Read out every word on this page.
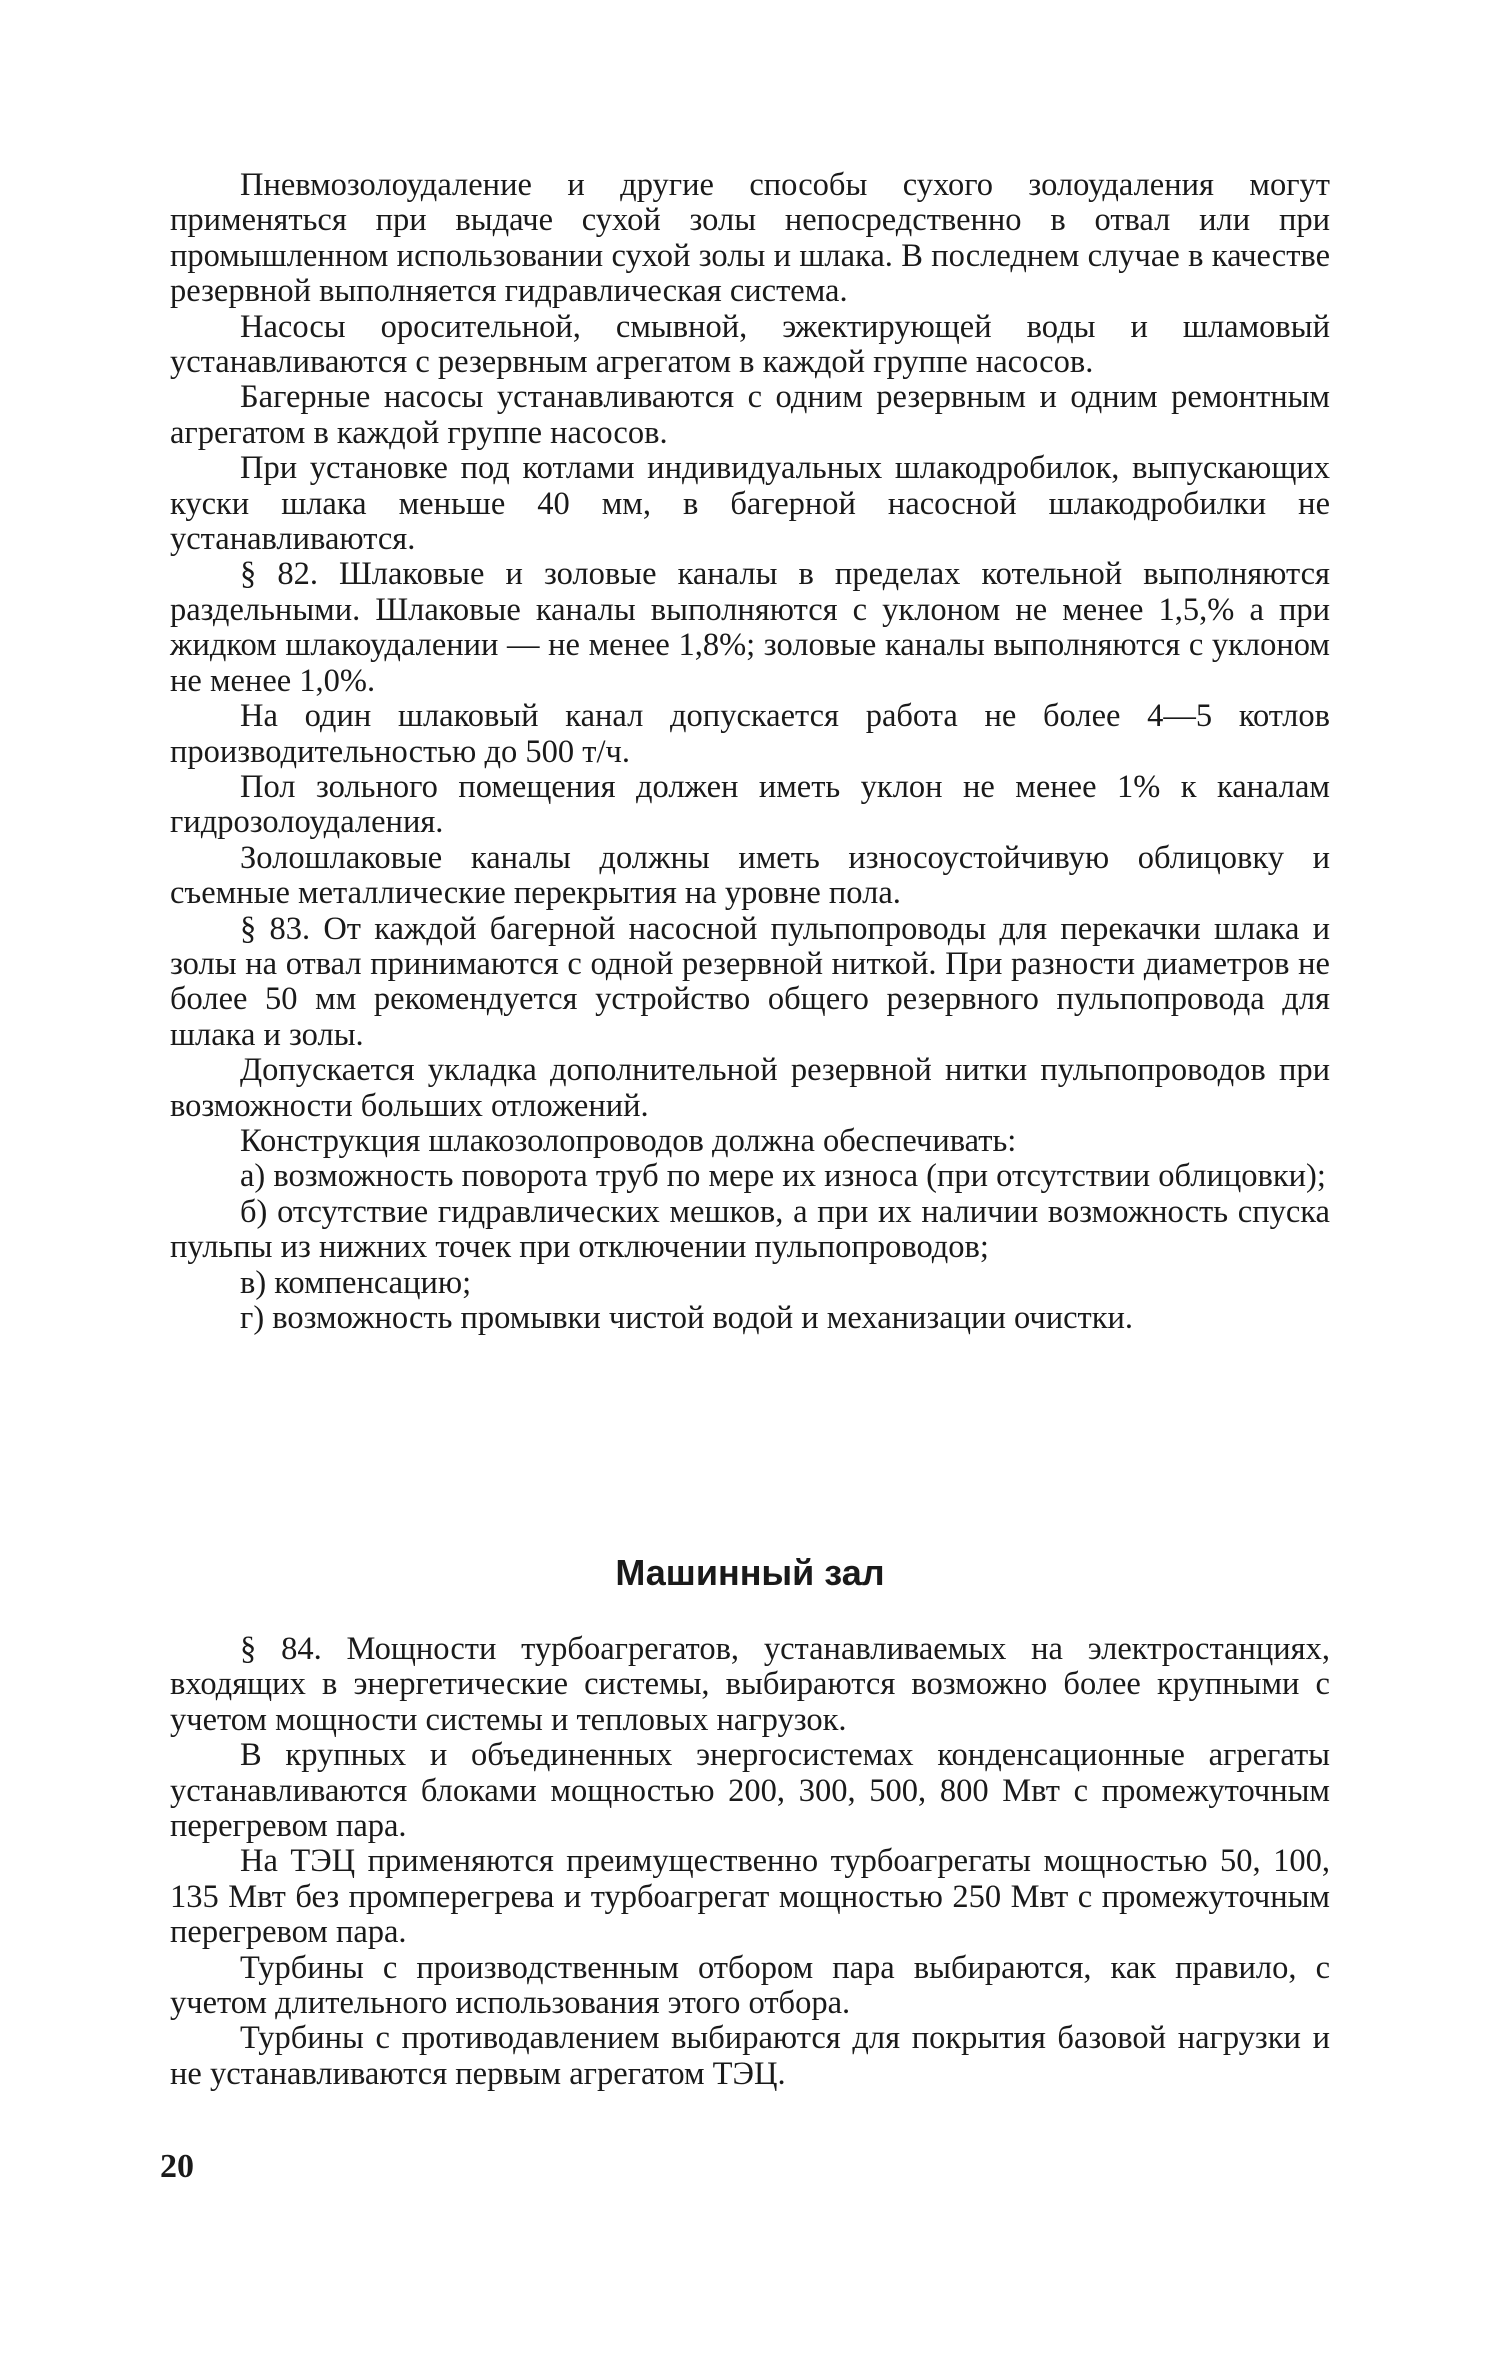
Пневмозолоудаление и другие способы сухого золоудаления могут применяться при выдаче сухой золы непосредственно в отвал или при промышленном использовании сухой золы и шлака. В последнем случае в качестве резервной выполняется гидравлическая система.

Насосы оросительной, смывной, эжектирующей воды и шламовый устанавливаются с резервным агрегатом в каждой группе насосов.

Багерные насосы устанавливаются с одним резервным и одним ремонтным агрегатом в каждой группе насосов.

При установке под котлами индивидуальных шлакодробилок, выпускающих куски шлака меньше 40 мм, в багерной насосной шлакодробилки не устанавливаются.

§ 82. Шлаковые и золовые каналы в пределах котельной выполняются раздельными. Шлаковые каналы выполняются с уклоном не менее 1,5,% а при жидком шлакоудалении — не менее 1,8%; золовые каналы выполняются с уклоном не менее 1,0%.

На один шлаковый канал допускается работа не более 4—5 котлов производительностью до 500 т/ч.

Пол зольного помещения должен иметь уклон не менее 1% к каналам гидрозолоудаления.

Золошлаковые каналы должны иметь износоустойчивую облицовку и съемные металлические перекрытия на уровне пола.

§ 83. От каждой багерной насосной пульпопроводы для перекачки шлака и золы на отвал принимаются с одной резервной ниткой. При разности диаметров не более 50 мм рекомендуется устройство общего резервного пульпопровода для шлака и золы.

Допускается укладка дополнительной резервной нитки пульпопроводов при возможности больших отложений.

Конструкция шлакозолопроводов должна обеспечивать:

а) возможность поворота труб по мере их износа (при отсутствии облицовки);

б) отсутствие гидравлических мешков, а при их наличии возможность спуска пульпы из нижних точек при отключении пульпопроводов;

в) компенсацию;

г) возможность промывки чистой водой и механизации очистки.

Машинный зал

§ 84. Мощности турбоагрегатов, устанавливаемых на электростанциях, входящих в энергетические системы, выбираются возможно более крупными с учетом мощности системы и тепловых нагрузок.

В крупных и объединенных энергосистемах конденсационные агрегаты устанавливаются блоками мощностью 200, 300, 500, 800 Мвт с промежуточным перегревом пара.

На ТЭЦ применяются преимущественно турбоагрегаты мощностью 50, 100, 135 Мвт без промперегрева и турбоагрегат мощностью 250 Мвт с промежуточным перегревом пара.

Турбины с производственным отбором пара выбираются, как правило, с учетом длительного использования этого отбора.

Турбины с противодавлением выбираются для покрытия базовой нагрузки и не устанавливаются первым агрегатом ТЭЦ.

20
